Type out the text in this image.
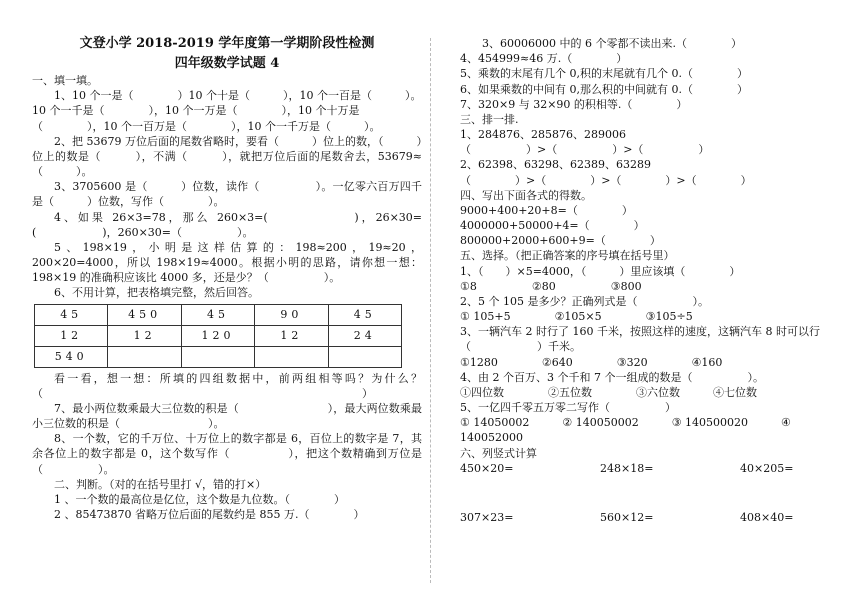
文登小学 2018-2019 学年度第一学期阶段性检测
四年级数学试题 4
一、填一填。
1、10 个一是（　　　　）10 个十是（　　　），10 个一百是（　　　）。
10 个一千是（　　　　），10 个一万是（　　　　），10 个十万是（　　　　），10 个一百万是（　　　　），10 个一千万是（　　　）。
2、把 53679 万位后面的尾数省略时，要看（　　　）位上的数，（　　　）位上的数是（　　　），不满（　　　），就把万位后面的尾数舍去，53679≈（　　　）。
3、3705600 是（　　　）位数，读作（　　　　　）。一亿零六百万四千是（　　　）位数，写作（　　　　）。
4、如果 26×3=78，那么 260×3=(　　　　　　)，26×30=(　　　　　　)，260×30=（　　　　　）。
5、198×19，小明是这样估算的：198≈200，19≈20，200×20=4000，所以 198×19≈4000。根据小明的思路，请你想一想：198×19 的准确积应该比 4000 多，还是少？（　　　　　）。
6、不用计算，把表格填完整，然后回答。
45	450	45	90	45
12	12	120	12	24
540				
看一看，想一想：所填的四组数据中，前两组相等吗？为什么？（　　　　　　　　　　　　　　　　　　　　　　　　　　　　　）
7、最小两位数乘最大三位数的积是（　　　　　　　　），最大两位数乘最小三位数的积是（　　　　　　　　）。
8、一个数，它的千万位、十万位上的数字都是 6，百位上的数字是 7，其余各位上的数字都是 0，这个数写作（　　　　　），把这个数精确到万位是（　　　　　）。
二、判断。（对的在括号里打 √，错的打×）
1 、一个数的最高位是亿位，这个数是九位数。（　　　　）
2 、85473870 省略万位后面的尾数约是 855 万.（　　　　）
3、60006000 中的 6 个零都不读出来.（　　　　）
4、454999≈46 万.（　　　　）
5、乘数的末尾有几个 0,积的末尾就有几个 0.（　　　　）
6、如果乘数的中间有 0,那么积的中间就有 0.（　　　　）
7、320×9 与 32×90 的积相等.（　　　　）
三、排一排.
1、284876、285876、289006
（　　　　　）>（　　　　　）>（　　　　　）
2、62398、63298、62389、63289
（　　　　）>（　　　　）>（　　　　）>（　　　　）
四、写出下面各式的得数。
9000+400+20+8=（　　　　）
4000000+50000+4=（　　　　）
800000+2000+600+9=（　　　　）
五、选择。（把正确答案的序号填在括号里）
1、（　　）×5=4000，（　　　）里应该填（　　　　）
①8　　　　　②80　　　　　③800
2、5 个 105 是多少？正确列式是（　　　　　）。
① 105+5　　　　②105×5　　　　③105÷5
3、一辆汽车 2 时行了 160 千米，按照这样的速度，这辆汽车 8 时可以行（　　　　　　）千米。
①1280　　　　②640　　　　③320　　　　④160
4、由 2 个百万、3 个千和 7 个一组成的数是（　　　　　）。
①四位数　　　　②五位数　　　　③六位数　　　④七位数
5、一亿四千零五万零二写作（　　　　　）
① 14050002　　　② 140050002　　　③ 140500020　　　④
140052000
六、列竖式计算
450×20=	248×18=	40×205=
307×23=	560×12=	408×40=
